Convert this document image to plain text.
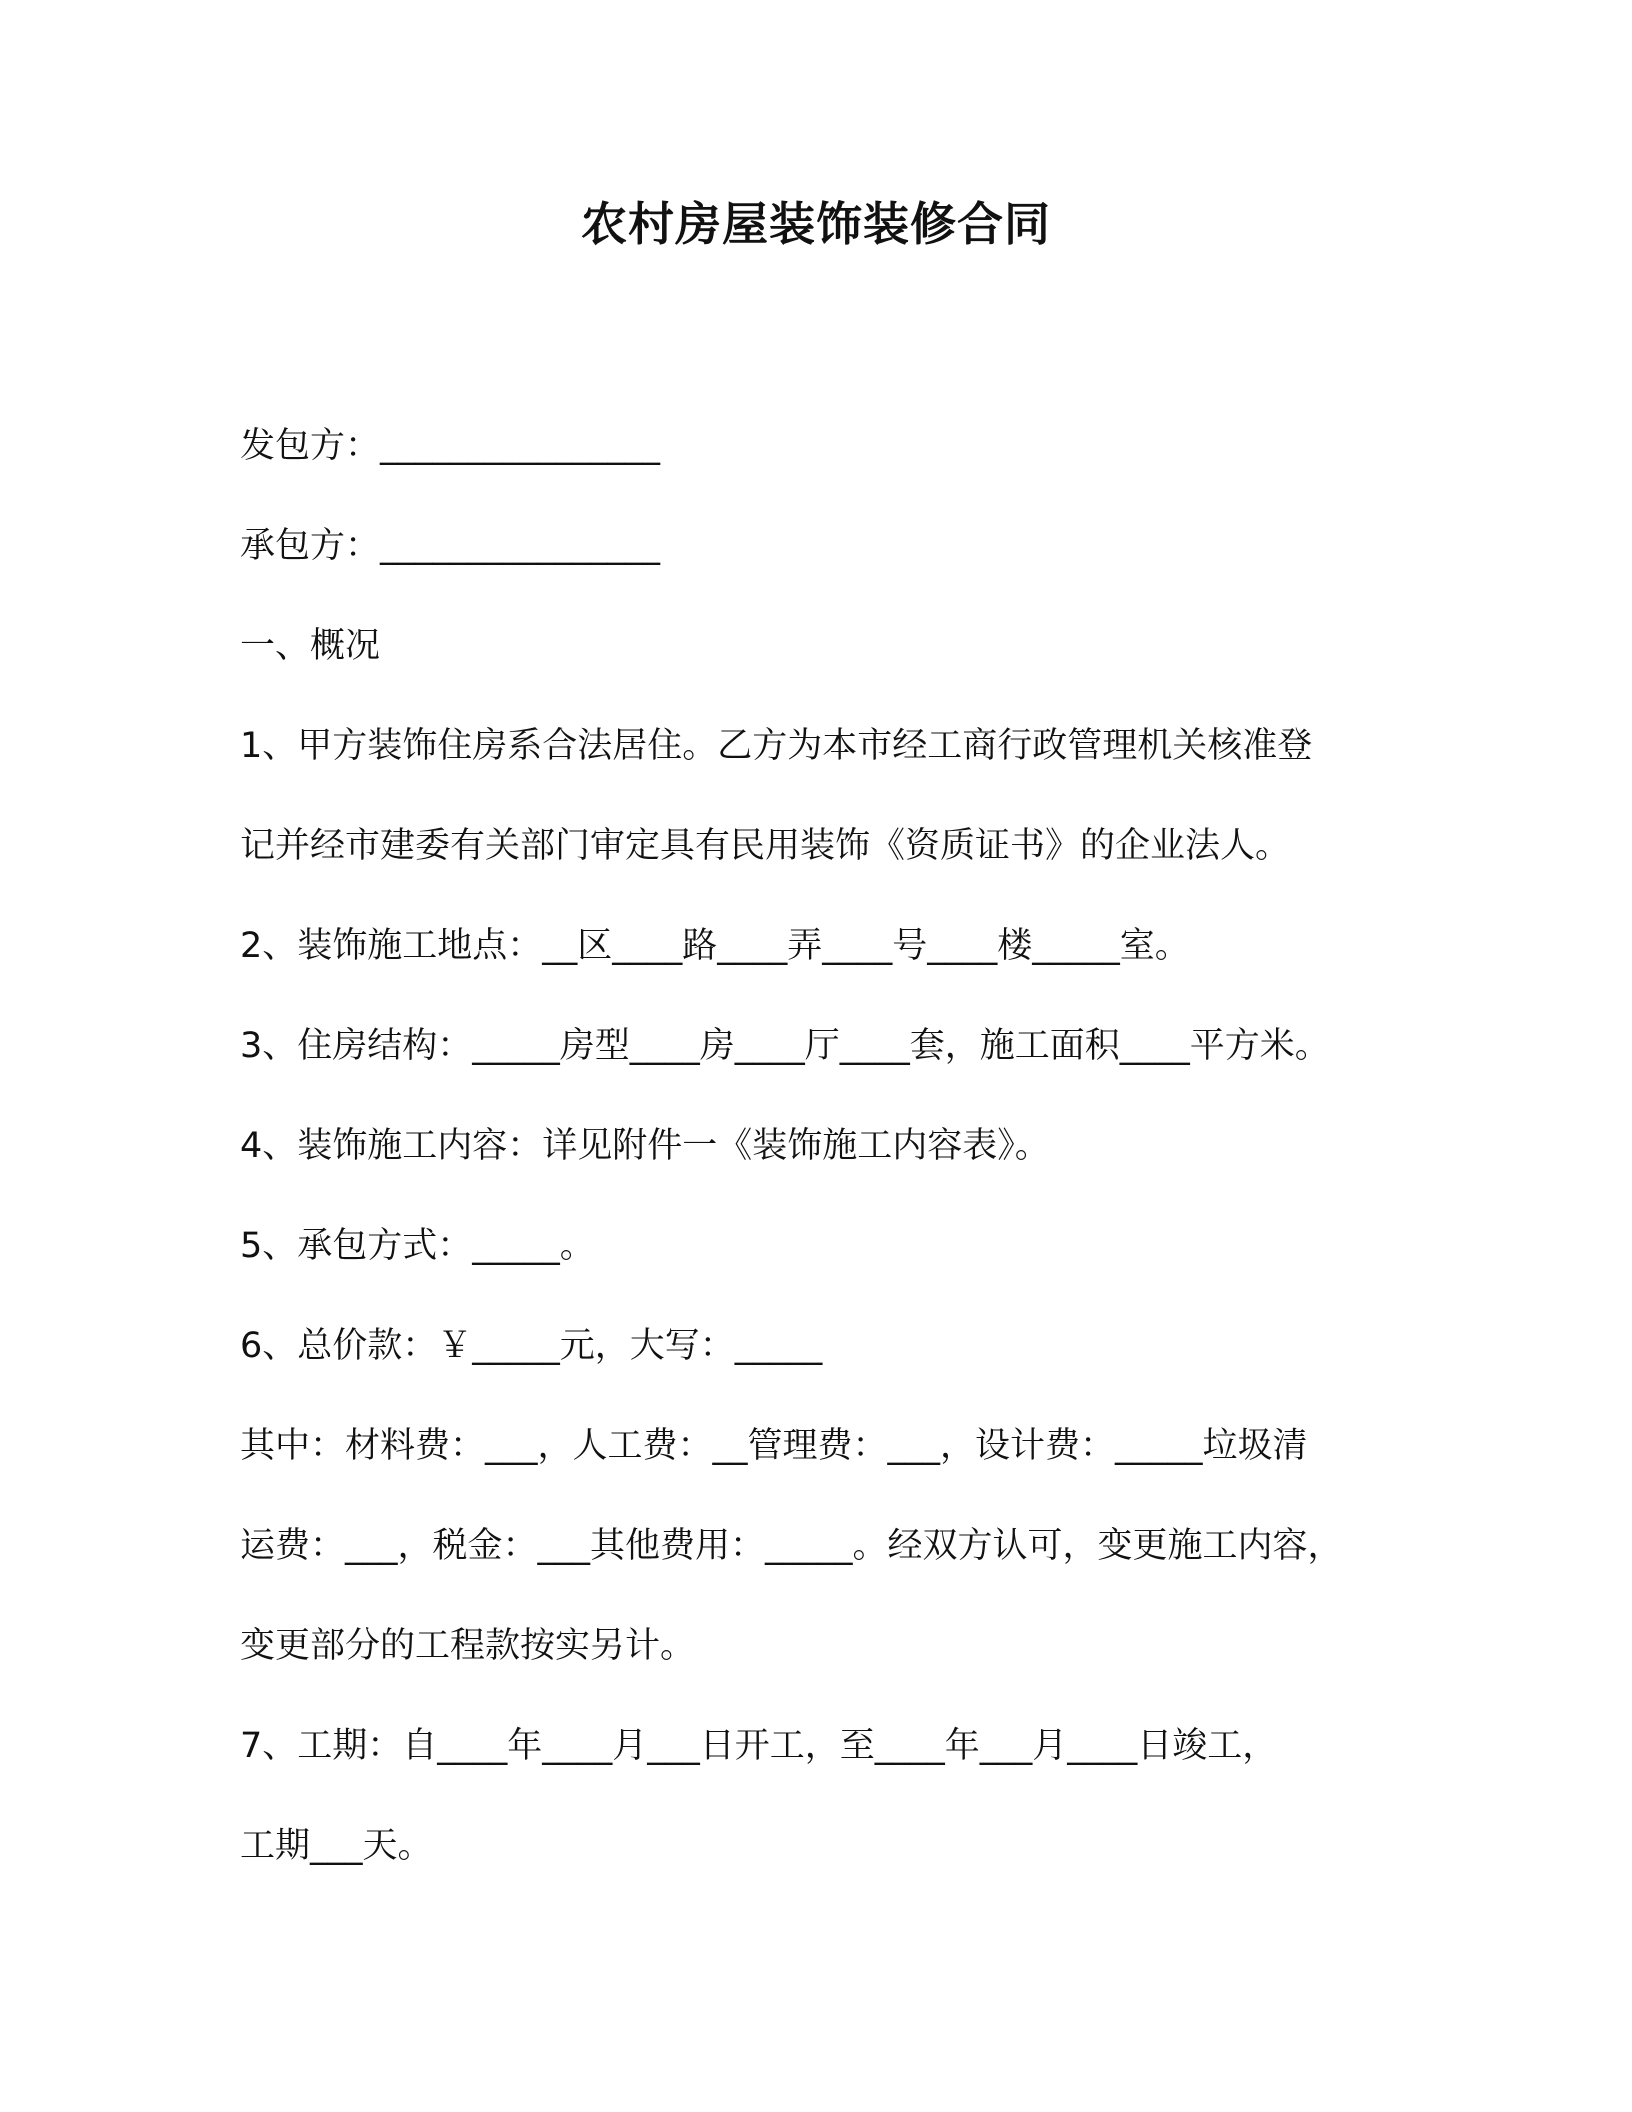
农村房屋装饰装修合同
发包方：________________
承包方：________________
一、概况
1、甲方装饰住房系合法居住。乙方为本市经工商行政管理机关核准登
记并经市建委有关部门审定具有民用装饰《资质证书》的企业法人。
2、装饰施工地点：__区____路____弄____号____楼_____室。
3、住房结构：_____房型____房____厅____套，施工面积____平方米。
4、装饰施工内容：详见附件一《装饰施工内容表》。
5、承包方式：_____。
6、总价款：￥_____元，大写：_____
其中：材料费：___，人工费：__管理费：___，设计费：_____垃圾清
运费：___，税金：___其他费用：_____。经双方认可，变更施工内容，
变更部分的工程款按实另计。
7、工期：自____年____月___日开工，至____年___月____日竣工，
工期___天。
